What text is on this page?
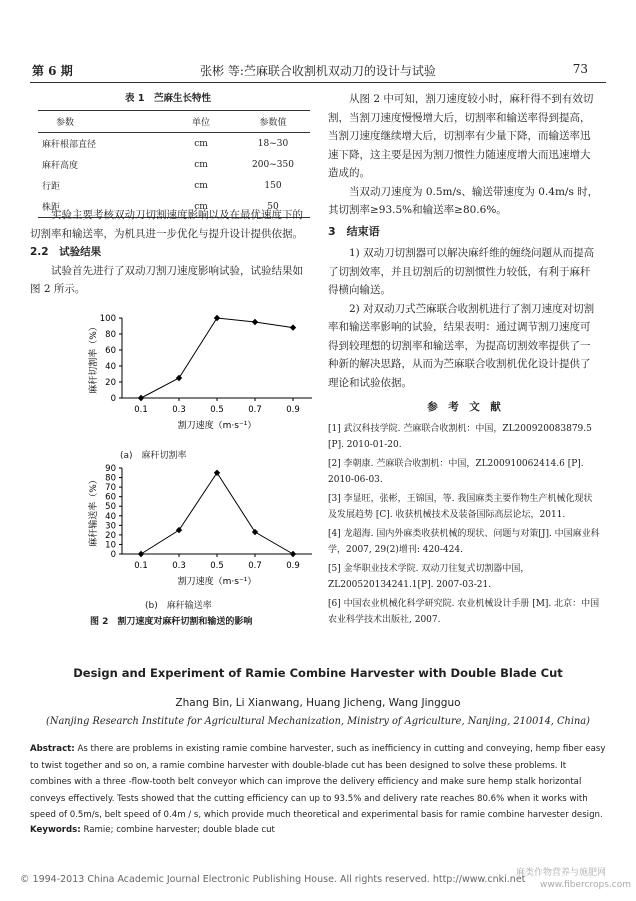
第 6 期	张彬 等:苎麻联合收割机双动刀的设计与试验	73
表 1　苎麻生长特性
参数	单位	参数值
麻秆根部直径	cm	18~30
麻秆高度	cm	200~350
行距	cm	150
株距	cm	50

实验主要考核双动刀切割速度影响以及在最优速度下的切割率和输送率，为机具进一步优化与提升设计提供依据。

2.2　试验结果

试验首先进行了双动刀割刀速度影响试验，试验结果如图 2 所示。

0
20
40
60
80
100
0.1	0.3	0.5	0.7	0.9
割刀速度（m·s⁻¹）
麻秆切割率（%）
(a)　麻秆切割率
0
10
20
30
40
50
60
70
80
90
0.1	0.3	0.5	0.7	0.9
割刀速度（m·s⁻¹）
麻秆输送率（%）
(b)　麻秆输送率
图 2　割刀速度对麻秆切割和输送的影响

从图 2 中可知，割刀速度较小时，麻秆得不到有效切割，当割刀速度慢慢增大后，切割率和输送率得到提高，当割刀速度继续增大后，切割率有少量下降，而输送率迅速下降，这主要是因为割刀惯性力随速度增大而迅速增大造成的。

当双动刀速度为 0.5m/s、输送带速度为 0.4m/s 时，其切割率≥93.5%和输送率≥80.6%。

3　结束语

1) 双动刀切割器可以解决麻纤维的缠绕问题从而提高了切割效率，并且切割后的切割惯性力较低，有利于麻秆得横向输送。

2) 对双动刀式苎麻联合收割机进行了割刀速度对切割率和输送率影响的试验，结果表明：通过调节割刀速度可得到较理想的切割率和输送率，为提高切割效率提供了一种新的解决思路，从而为苎麻联合收割机优化设计提供了理论和试验依据。

参　考　文　献

[1] 武汉科技学院. 苎麻联合收割机：中国，ZL200920083879.5 [P]. 2010-01-20.

[2] 李朝康. 苎麻联合收割机：中国，ZL200910062414.6 [P]. 2010-06-03.

[3] 李显旺，张彬，王锦国，等. 我国麻类主要作物生产机械化现状及发展趋势 [C]. 收获机械技术及装备国际高层论坛，2011.

[4] 龙超海. 国内外麻类收获机械的现状、问题与对策[J]. 中国麻业科学，2007, 29(2)增刊: 420-424.

[5] 金华职业技术学院. 双动刀往复式切割器中国，ZL200520134241.1[P]. 2007-03-21.

[6] 中国农业机械化科学研究院. 农业机械设计手册 [M]. 北京：中国农业科学技术出版社, 2007.

Design and Experiment of Ramie Combine Harvester with Double Blade Cut
Zhang Bin, Li Xianwang, Huang Jicheng, Wang Jingguo
(Nanjing Research Institute for Agricultural Mechanization, Ministry of Agriculture, Nanjing, 210014, China)
Abstract: As there are problems in existing ramie combine harvester, such as inefficiency in cutting and conveying, hemp fiber easy to twist together and so on, a ramie combine harvester with double-blade cut has been designed to solve these problems. It combines with a three -flow-tooth belt conveyor which can improve the delivery efficiency and make sure hemp stalk horizontal conveys effectively. Tests showed that the cutting efficiency can up to 93.5% and delivery rate reaches 80.6% when it works with speed of 0.5m/s, belt speed of 0.4m / s, which provide much theoretical and experimental basis for ramie combine harvester design.
Keywords: Ramie; combine harvester; double blade cut
© 1994-2013 China Academic Journal Electronic Publishing House. All rights reserved. http://www.cnki.net
麻类作物营养与施肥网
www.fibercrops.com
